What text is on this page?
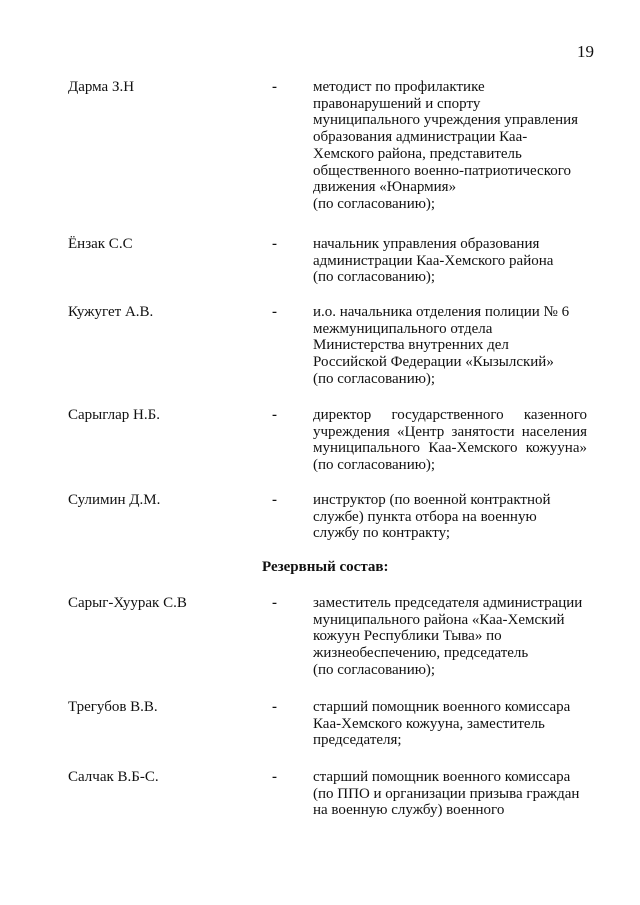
19
Дарма З.Н	- методист по профилактике
правонарушений и спорту
муниципального учреждения управления
образования администрации Каа-
Хемского района, представитель
общественного военно-патриотического
движения «Юнармия»
(по согласованию);
Ёнзак С.С	- начальник управления образования
администрации Каа-Хемского района
(по согласованию);
Кужугет А.В.	- и.о. начальника отделения полиции № 6
межмуниципального отдела
Министерства внутренних дел
Российской Федерации «Кызылский»
(по согласованию);
Сарыглар Н.Б.	- директор государственного казенного
учреждения «Центр занятости населения
муниципального Каа-Хемского кожууна»
(по согласованию);
Сулимин Д.М.	- инструктор (по военной контрактной
службе) пункта отбора на военную
службу по контракту;
Резервный состав:
Сарыг-Хуурак С.В	- заместитель председателя администрации
муниципального района «Каа-Хемский
кожуун Республики Тыва» по
жизнеобеспечению, председатель
(по согласованию);
Трегубов В.В.	- старший помощник военного комиссара
Каа-Хемского кожууна, заместитель
председателя;
Салчак В.Б-С.	- старший помощник военного комиссара
(по ППО и организации призыва граждан
на военную службу) военного
